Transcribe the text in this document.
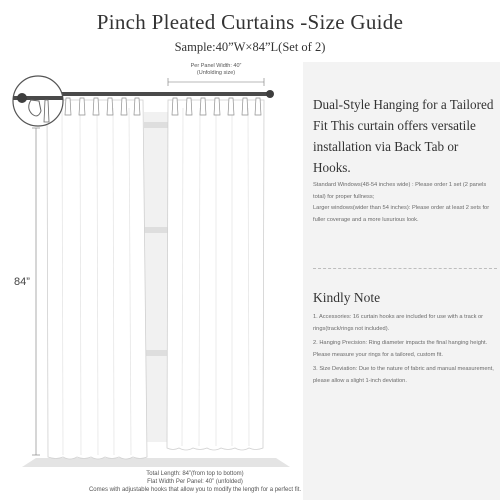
Pinch Pleated Curtains -Size Guide
Sample:40”W×84”L(Set of 2)
Per Panel Width: 40”
(Unfolding size)
84”
Total Length: 84”(from top to bottom)
Flat Width Per Panel: 40” (unfolded)
Comes with adjustable hooks that allow you to modify the length for a perfect fit.
Dual-Style Hanging for a Tailored Fit This curtain offers versatile installation via Back Tab or Hooks.
Standard Windows(48-54 inches wide) : Please order 1 set (2 panels total) for proper fullness;
Larger windows(wider than 54 inches): Please order at least 2 sets for fuller coverage and a more luxurious look.
Kindly Note

1. Accessories: 16 curtain hooks are included for use with a track or rings(track/rings not included).

2. Hanging Precision: Ring diameter impacts the final hanging height. Please measure your rings for a tailored, custom fit.

3. Size Deviation: Due to the nature of fabric and manual measurement, please allow a slight 1-inch deviation.
